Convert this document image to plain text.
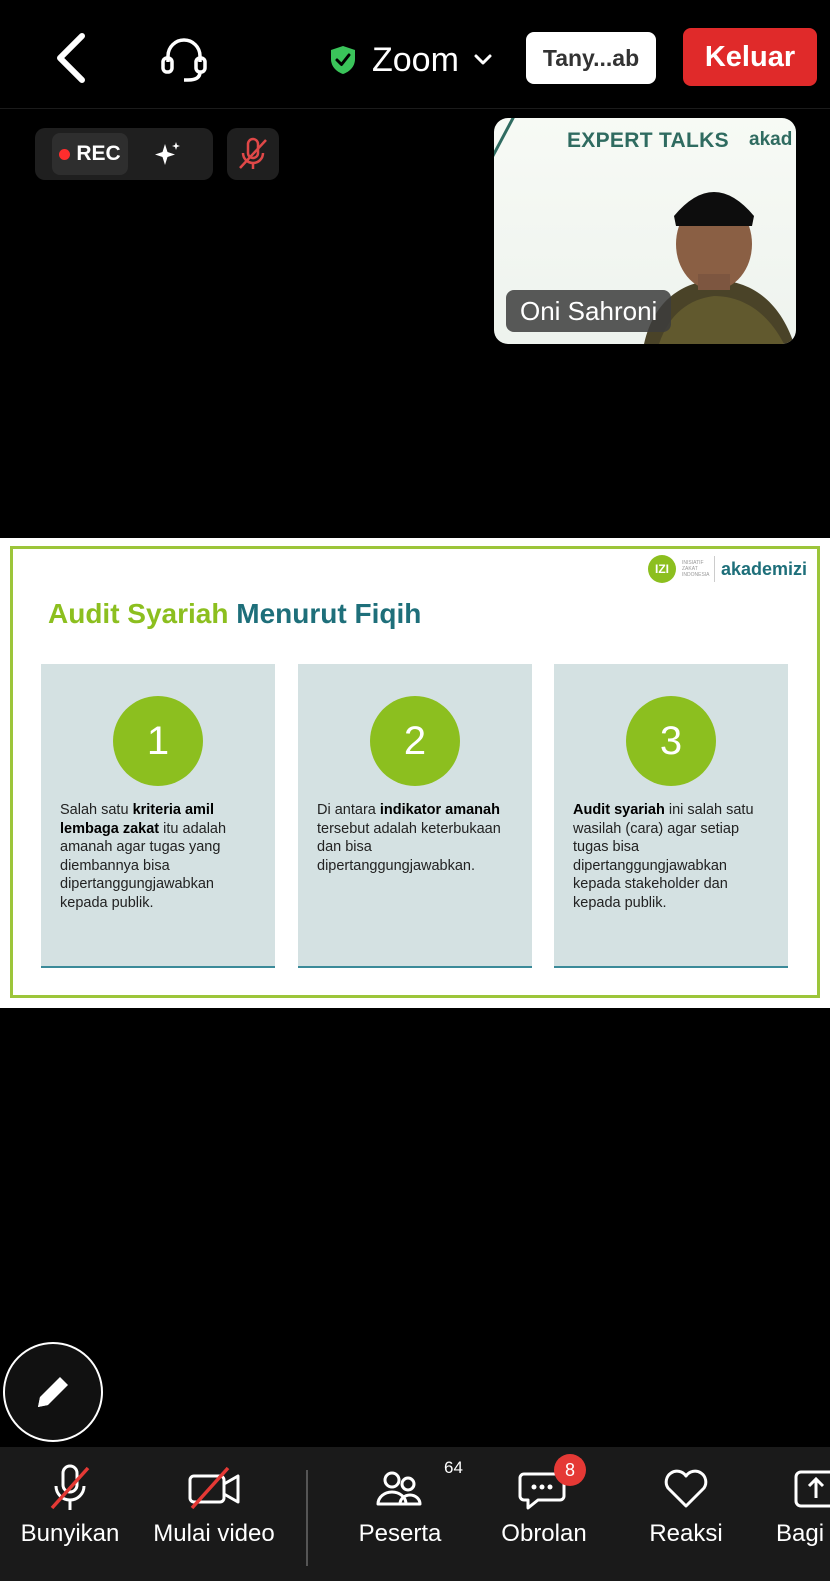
Zoom	Tany...ab	Keluar
REC
EXPERT TALKS akad
Oni Sahroni
IZI	INISIATIF ZAKAT INDONESIA akademizi
Audit Syariah Menurut Fiqih
1
Salah satu kriteria amil lembaga zakat itu adalah amanah agar tugas yang diembannya bisa dipertanggungjawabkan kepada publik.
2
Di antara indikator amanah tersebut adalah keterbukaan dan bisa dipertanggungjawabkan.
3
Audit syariah ini salah satu wasilah (cara) agar setiap tugas bisa dipertanggungjawabkan kepada stakeholder dan kepada publik.
Bunyikan Mulai video
64
Peserta
8
Obrolan	Reaksi Bagi
